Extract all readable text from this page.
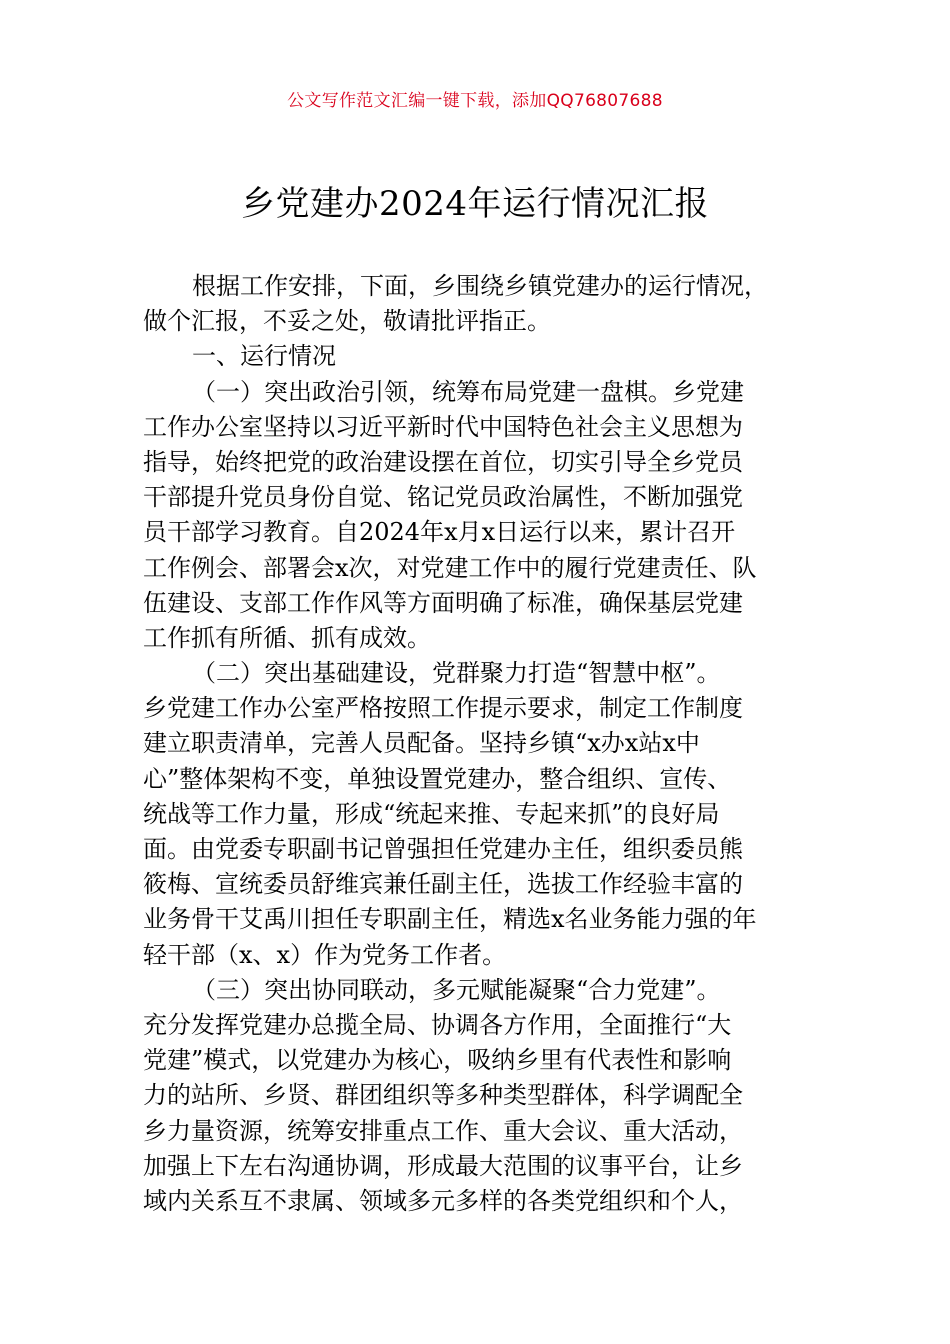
公文写作范文汇编一键下载，添加QQ76807688
乡党建办2024年运行情况汇报
根据工作安排，下面，乡围绕乡镇党建办的运行情况，
做个汇报，不妥之处，敬请批评指正。
一、运行情况
（一）突出政治引领，统筹布局党建一盘棋。乡党建
工作办公室坚持以习近平新时代中国特色社会主义思想为
指导，始终把党的政治建设摆在首位，切实引导全乡党员
干部提升党员身份自觉、铭记党员政治属性，不断加强党
员干部学习教育。自2024年x月x日运行以来，累计召开
工作例会、部署会x次，对党建工作中的履行党建责任、队
伍建设、支部工作作风等方面明确了标准，确保基层党建
工作抓有所循、抓有成效。
（二）突出基础建设，党群聚力打造“智慧中枢”。
乡党建工作办公室严格按照工作提示要求，制定工作制度
建立职责清单，完善人员配备。坚持乡镇“x办x站x中
心”整体架构不变，单独设置党建办，整合组织、宣传、
统战等工作力量，形成“统起来推、专起来抓”的良好局
面。由党委专职副书记曾强担任党建办主任，组织委员熊
筱梅、宣统委员舒维宾兼任副主任，选拔工作经验丰富的
业务骨干艾禹川担任专职副主任，精选x名业务能力强的年
轻干部（x、x）作为党务工作者。
（三）突出协同联动，多元赋能凝聚“合力党建”。
充分发挥党建办总揽全局、协调各方作用，全面推行“大
党建”模式，以党建办为核心，吸纳乡里有代表性和影响
力的站所、乡贤、群团组织等多种类型群体，科学调配全
乡力量资源，统筹安排重点工作、重大会议、重大活动，
加强上下左右沟通协调，形成最大范围的议事平台，让乡
域内关系互不隶属、领域多元多样的各类党组织和个人，
